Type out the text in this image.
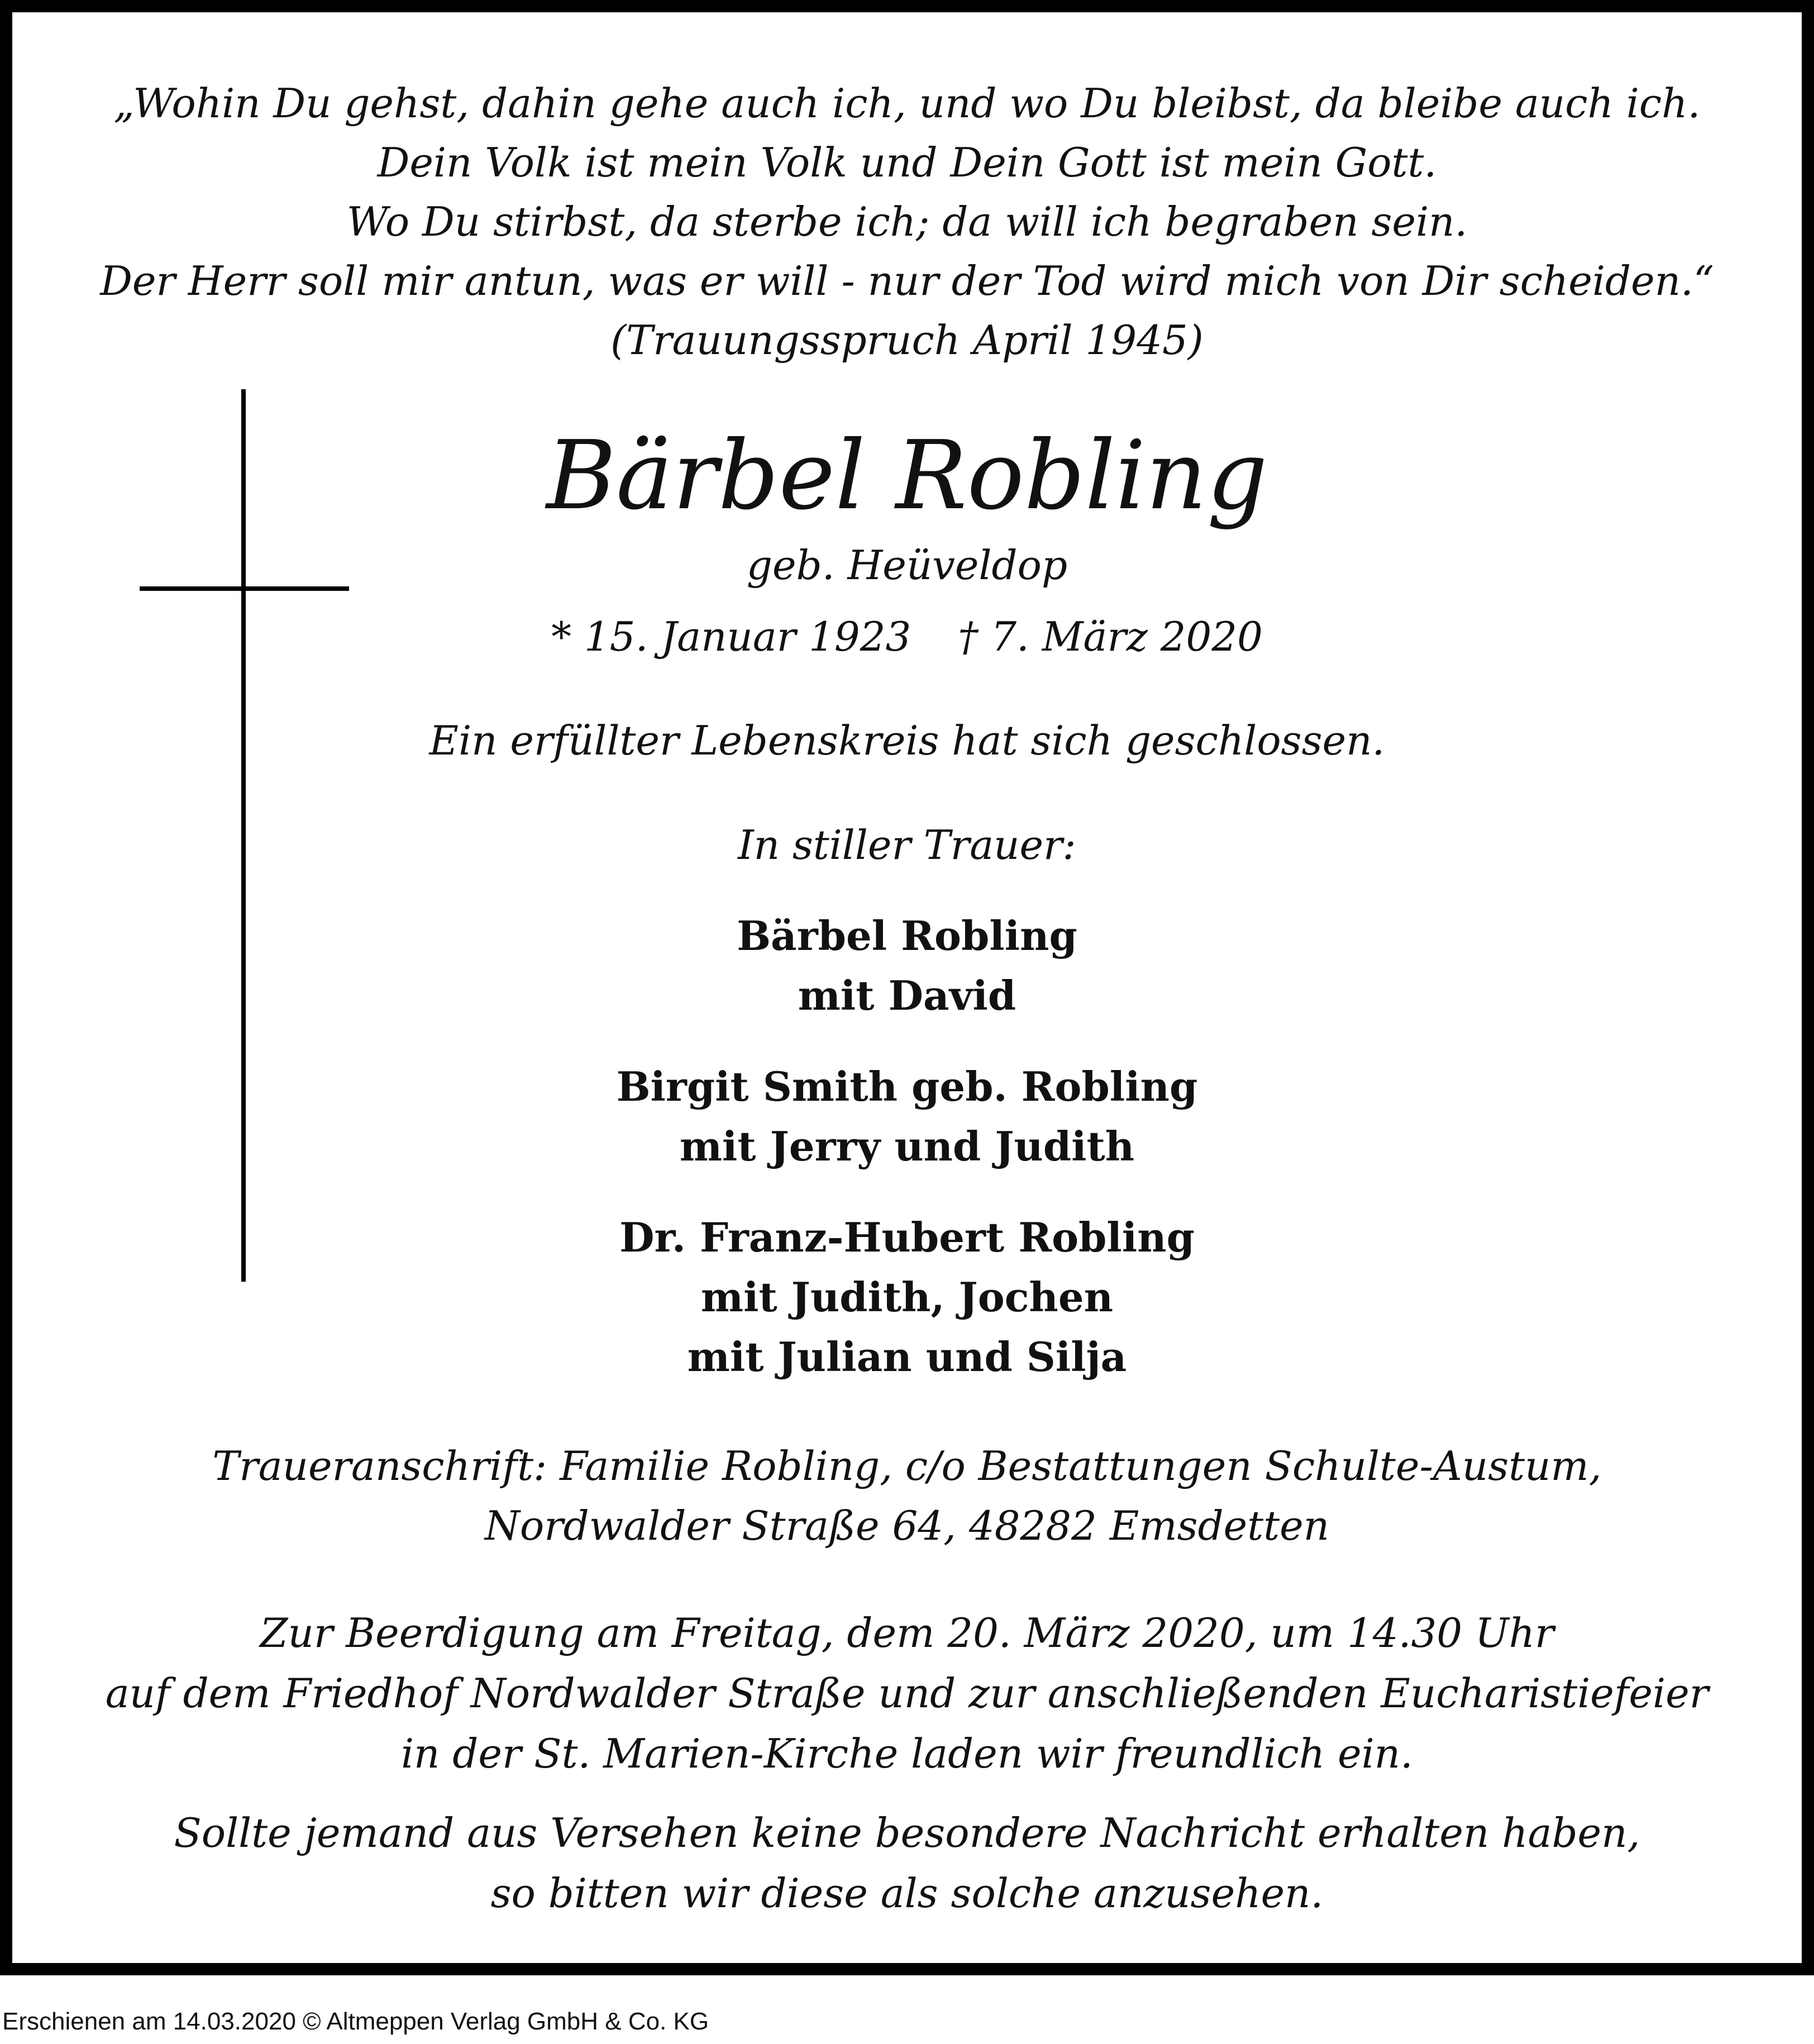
„Wohin Du gehst, dahin gehe auch ich, und wo Du bleibst, da bleibe auch ich.
Dein Volk ist mein Volk und Dein Gott ist mein Gott.
Wo Du stirbst, da sterbe ich; da will ich begraben sein.
Der Herr soll mir antun, was er will - nur der Tod wird mich von Dir scheiden.“
(Trauungsspruch April 1945)
Bärbel Robling
geb. Heüveldop
* 15. Januar 1923 † 7. März 2020
Ein erfüllter Lebenskreis hat sich geschlossen.
In stiller Trauer:
Bärbel Robling
mit David
Birgit Smith geb. Robling
mit Jerry und Judith
Dr. Franz-Hubert Robling
mit Judith, Jochen
mit Julian und Silja
Traueranschrift: Familie Robling, c/o Bestattungen Schulte-Austum,
Nordwalder Straße 64, 48282 Emsdetten
Zur Beerdigung am Freitag, dem 20. März 2020, um 14.30 Uhr
auf dem Friedhof Nordwalder Straße und zur anschließenden Eucharistiefeier
in der St. Marien-Kirche laden wir freundlich ein.
Sollte jemand aus Versehen keine besondere Nachricht erhalten haben,
so bitten wir diese als solche anzusehen.
Erschienen am 14.03.2020 © Altmeppen Verlag GmbH & Co. KG
